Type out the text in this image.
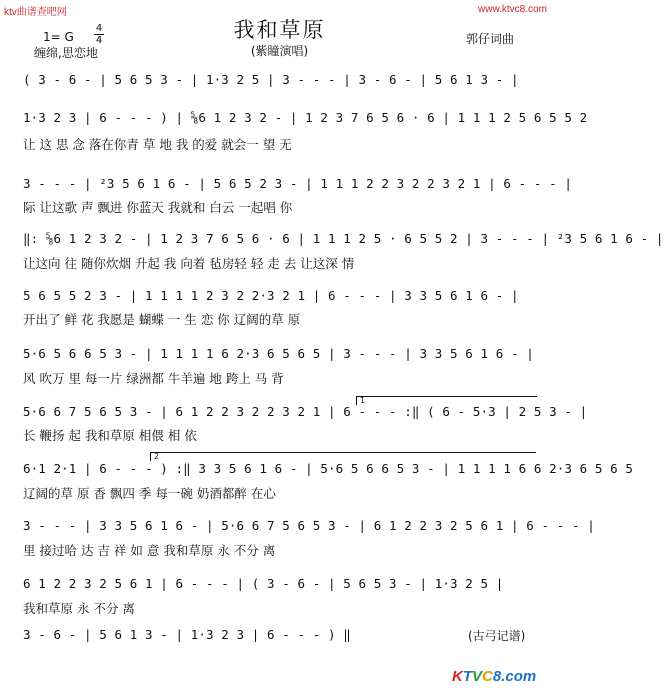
ktv曲谱查吧网	www.ktvc8.com
我和草原
(紫瞳演唱)
郭仔词曲
1= G
4
4
缠绵,思恋地
( 3 - 6 - | 5 6 5 3 - | 1·3 2 5 | 3 - - - | 3 - 6 - | 5 6 1 3 - |
1·3 2 3 | 6 - - - ) | ⅝6 1 2 3 2 - | 1 2 3 7 6 5 6 · 6 | 1 1 1 2 5 6 5 5 2
让 这 思 念 落在你青 草 地 我 的爱 就会一 望 无
3 - - - | ²3 5 6 1 6 - | 5 6 5 2 3 - | 1 1 1 2 2 3 2 2 3 2 1 | 6 - - - |
际 让这歌 声 飘进 你蓝天 我就和 白云 一起唱 你
‖: ⅝6 1 2 3 2 - | 1 2 3 7 6 5 6 · 6 | 1 1 1 2 5 · 6 5 5 2 | 3 - - - | ²3 5 6 1 6 - |
让这向 往 随你炊烟 升起 我 向着 毡房轻 轻 走 去 让这深 情
5 6 5 5 2 3 - | 1 1 1 1 2 3 2 2·3 2 1 | 6 - - - | 3 3 5 6 1 6 - |
开出了 鲜 花 我愿是 蝴蝶 一 生 恋 你 辽阔的草 原
5·6 5 6 6 5 3 - | 1 1 1 1 6 2·3 6 5 6 5 | 3 - - - | 3 3 5 6 1 6 - |
风 吹万 里 每一片 绿洲都 牛羊遍 地 跨上 马 背
1
5·6 6 7 5 6 5 3 - | 6 1 2 2 3 2 2 3 2 1 | 6 - - - :‖ ( 6 - 5·3 | 2 5 3 - |
长 鞭扬 起 我和草原 相偎 相 依
2
6·1 2·1 | 6 - - - ) :‖ 3 3 5 6 1 6 - | 5·6 5 6 6 5 3 - | 1 1 1 1 6 6 2·3 6 5 6 5
辽阔的草 原 香 飘四 季 每一碗 奶酒都醉 在心
3 - - - | 3 3 5 6 1 6 - | 5·6 6 7 5 6 5 3 - | 6 1 2 2 3 2 5 6 1 | 6 - - - |
里 接过哈 达 吉 祥 如 意 我和草原 永 不分 离
6 1 2 2 3 2 5 6 1 | 6 - - - | ( 3 - 6 - | 5 6 5 3 - | 1·3 2 5 |
我和草原 永 不分 离
3 - 6 - | 5 6 1 3 - | 1·3 2 3 | 6 - - - ) ‖	(古弓记谱)
KTVC8.com
